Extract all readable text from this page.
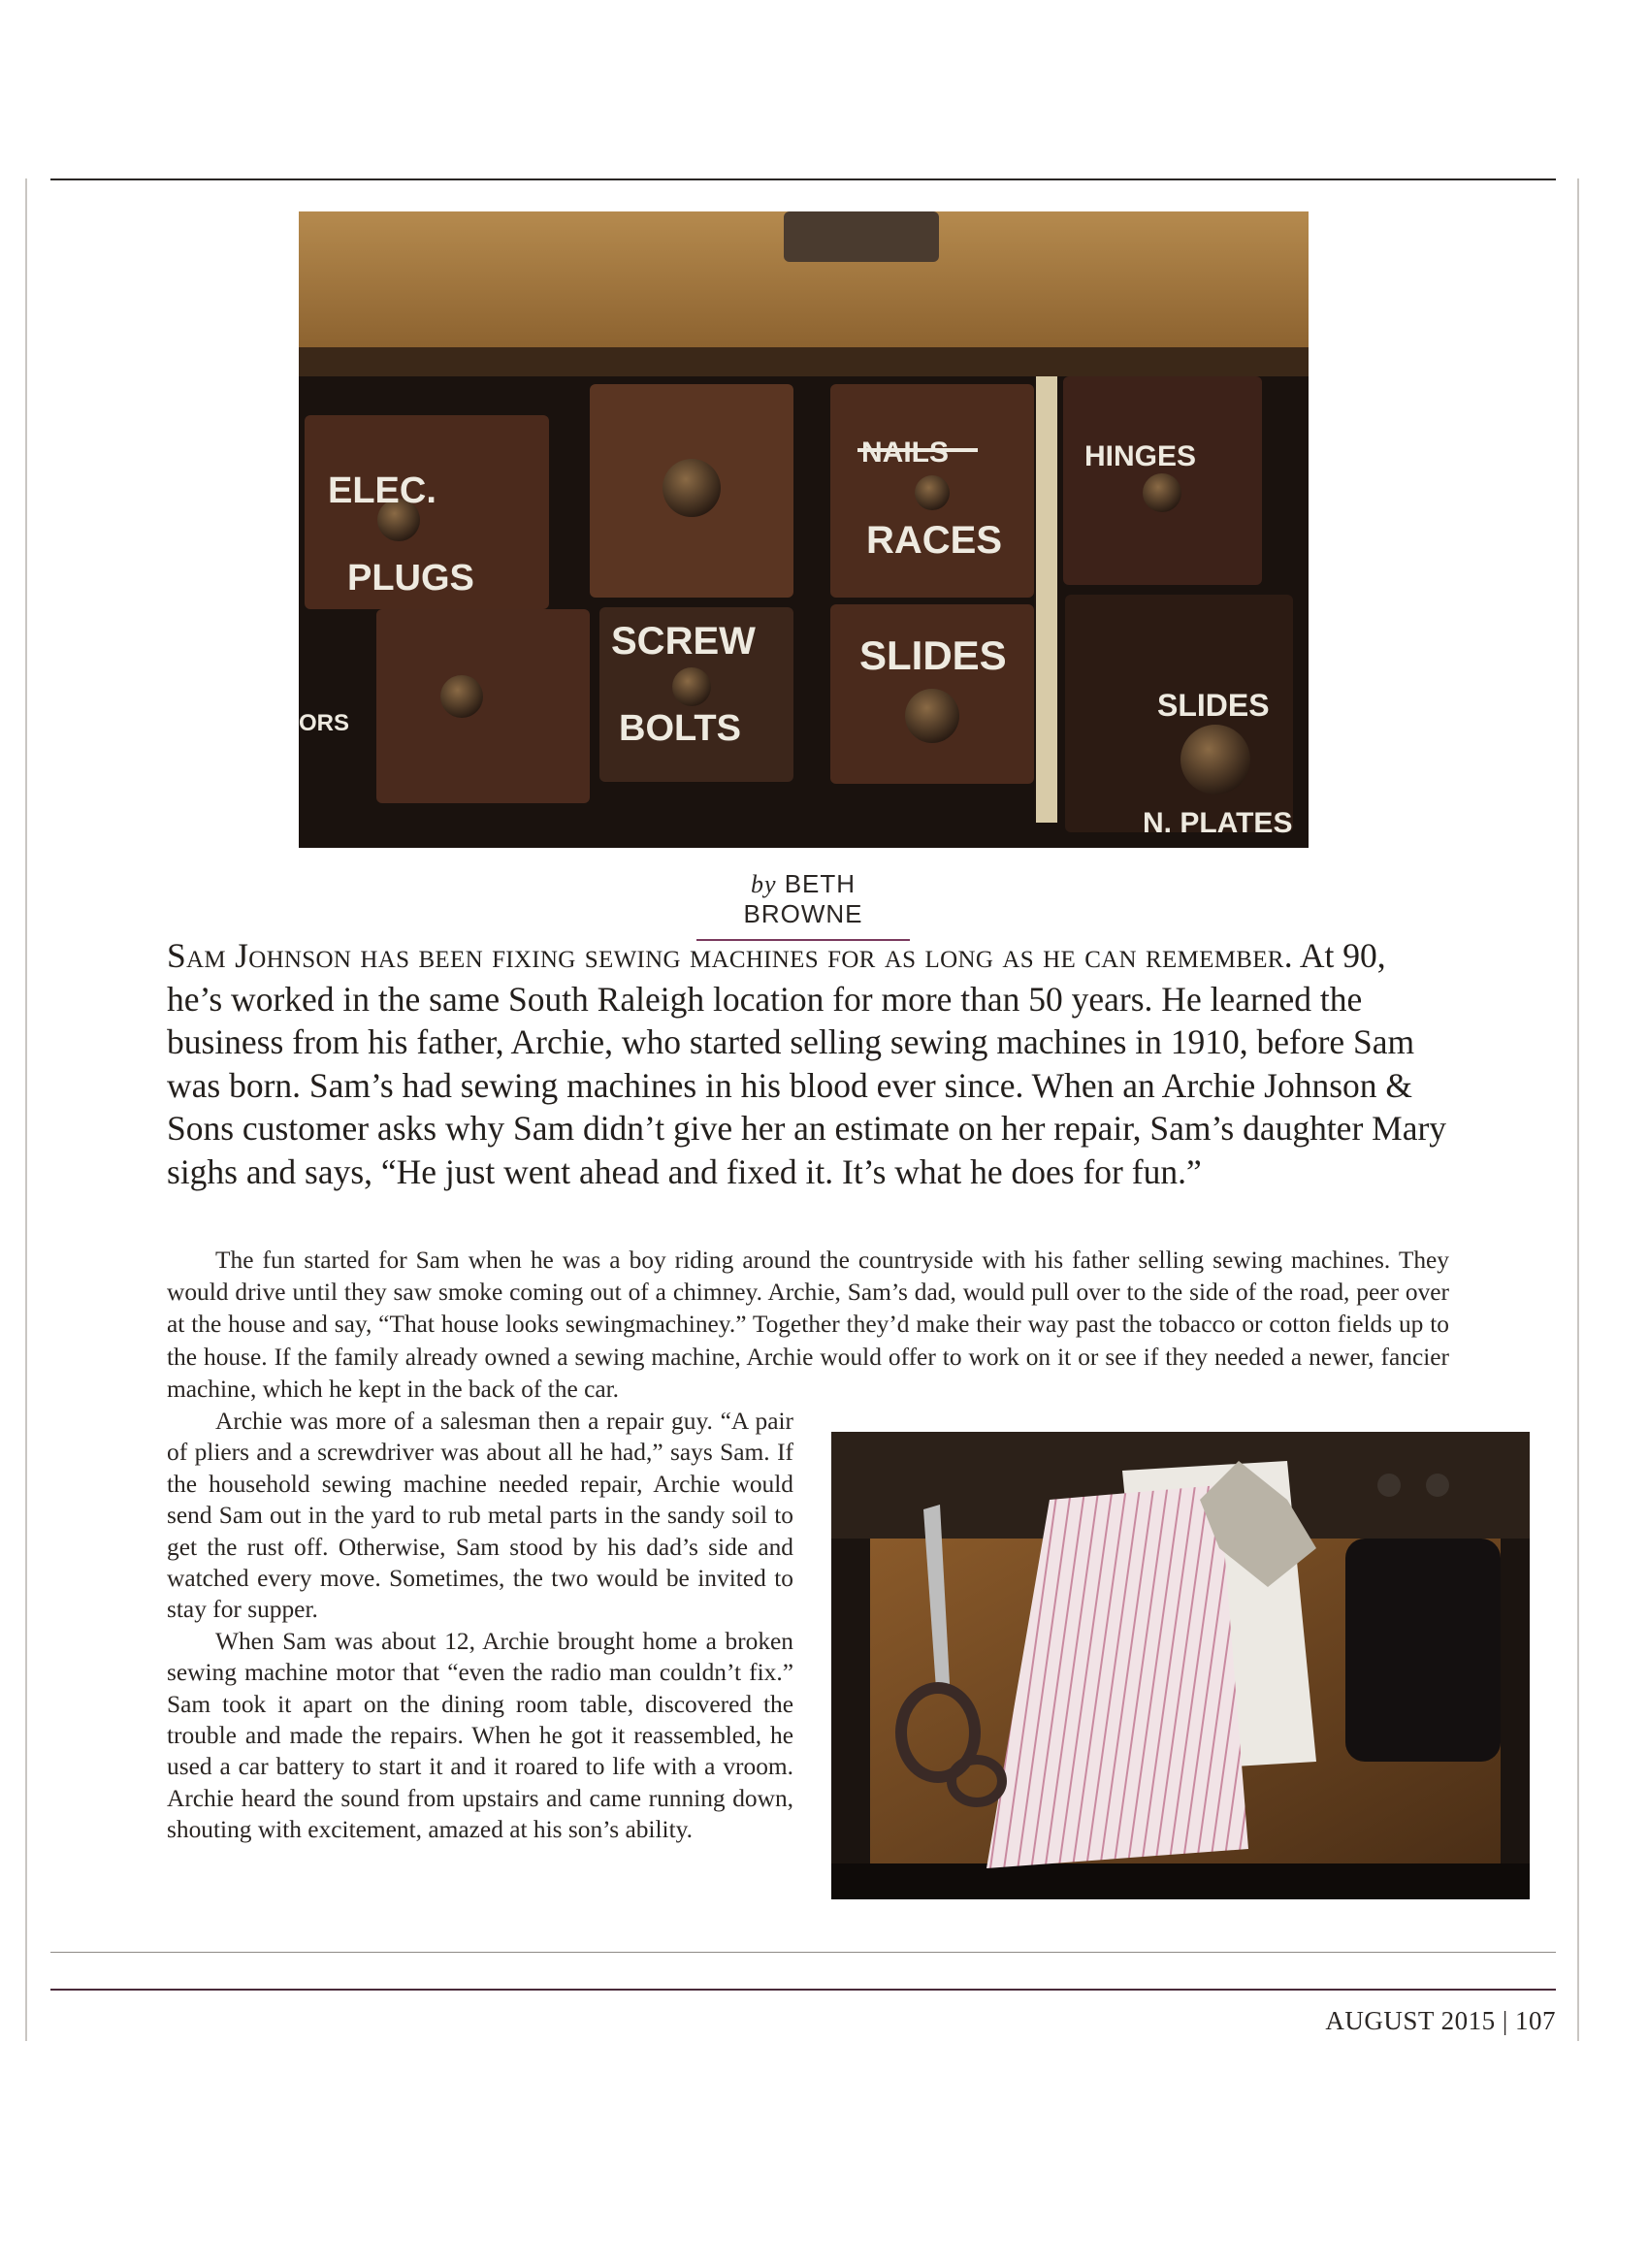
ELEC.
PLUGS
NAILS
RACES
HINGES
SCREW
BOLTS
SLIDES
SLIDES
N. PLATES
ORS
by BETH BROWNE
Sam Johnson has been fixing sewing machines for as long as he can remember. At 90, he’s worked in the same South Raleigh location for more than 50 years. He learned the business from his father, Archie, who started selling sewing machines in 1910, before Sam was born. Sam’s had sewing machines in his blood ever since. When an Archie Johnson & Sons customer asks why Sam didn’t give her an estimate on her repair, Sam’s daughter Mary sighs and says, “He just went ahead and fixed it. It’s what he does for fun.”

The fun started for Sam when he was a boy riding around the countryside with his father selling sewing machines. They would drive until they saw smoke coming out of a chimney. Archie, Sam’s dad, would pull over to the side of the road, peer over at the house and say, “That house looks sewingmachiney.” Together they’d make their way past the tobacco or cotton fields up to the house. If the family already owned a sewing machine, Archie would offer to work on it or see if they needed a newer, fancier machine, which he kept in the back of the car.

Archie was more of a salesman then a repair guy. “A pair of pliers and a screwdriver was about all he had,” says Sam. If the household sewing machine needed repair, Archie would send Sam out in the yard to rub metal parts in the sandy soil to get the rust off. Otherwise, Sam stood by his dad’s side and watched every move. Sometimes, the two would be invited to stay for supper.

When Sam was about 12, Archie brought home a broken sewing machine motor that “even the radio man couldn’t fix.” Sam took it apart on the dining room table, discovered the trouble and made the repairs. When he got it reassembled, he used a car battery to start it and it roared to life with a vroom. Archie heard the sound from upstairs and came running down, shouting with excitement, amazed at his son’s ability.

AUGUST 2015 | 107
